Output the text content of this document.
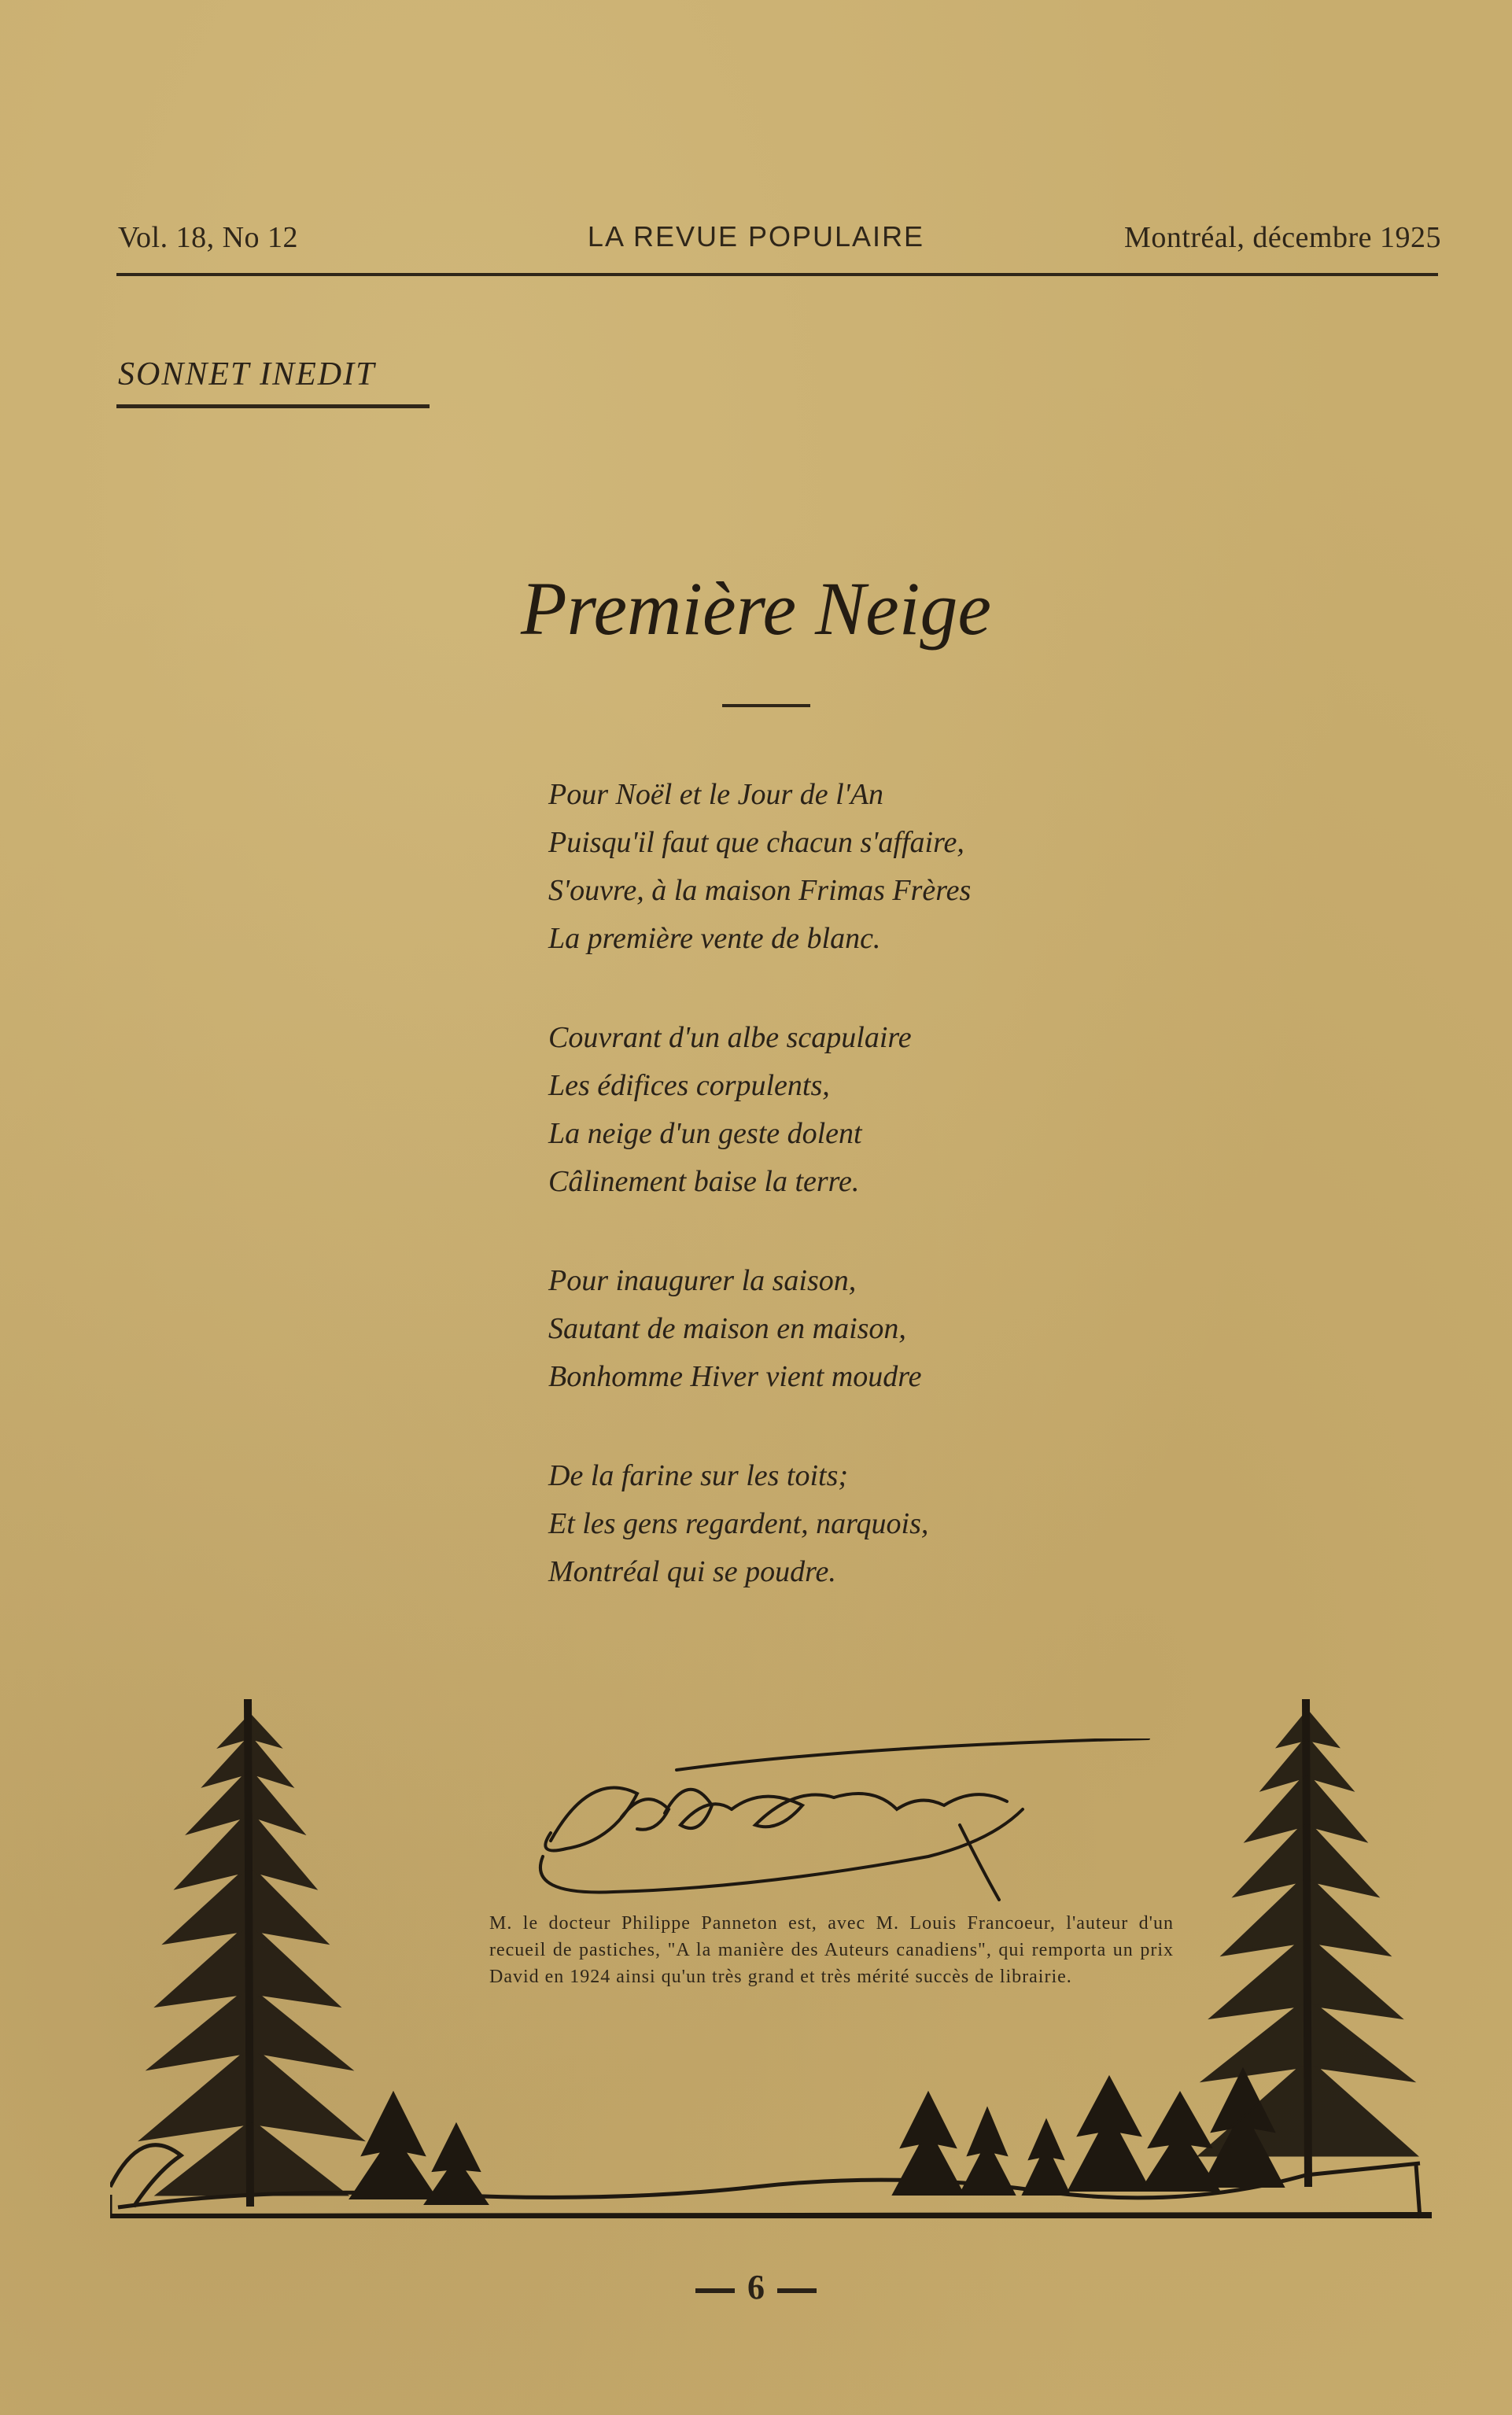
Vol. 18, No 12	LA REVUE POPULAIRE	Montréal, décembre 1925
SONNET INEDIT
Première Neige
Pour Noël et le Jour de l'An
Puisqu'il faut que chacun s'affaire,
S'ouvre, à la maison Frimas Frères
La première vente de blanc.
Couvrant d'un albe scapulaire
Les édifices corpulents,
La neige d'un geste dolent
Câlinement baise la terre.
Pour inaugurer la saison,
Sautant de maison en maison,
Bonhomme Hiver vient moudre
De la farine sur les toits;
Et les gens regardent, narquois,
Montréal qui se poudre.
M. le docteur Philippe Panneton est, avec M. Louis Francoeur, l'auteur d'un recueil de pastiches, "A la manière des Auteurs canadiens", qui remporta un prix David en 1924 ainsi qu'un très grand et très mérité succès de librairie.
6
